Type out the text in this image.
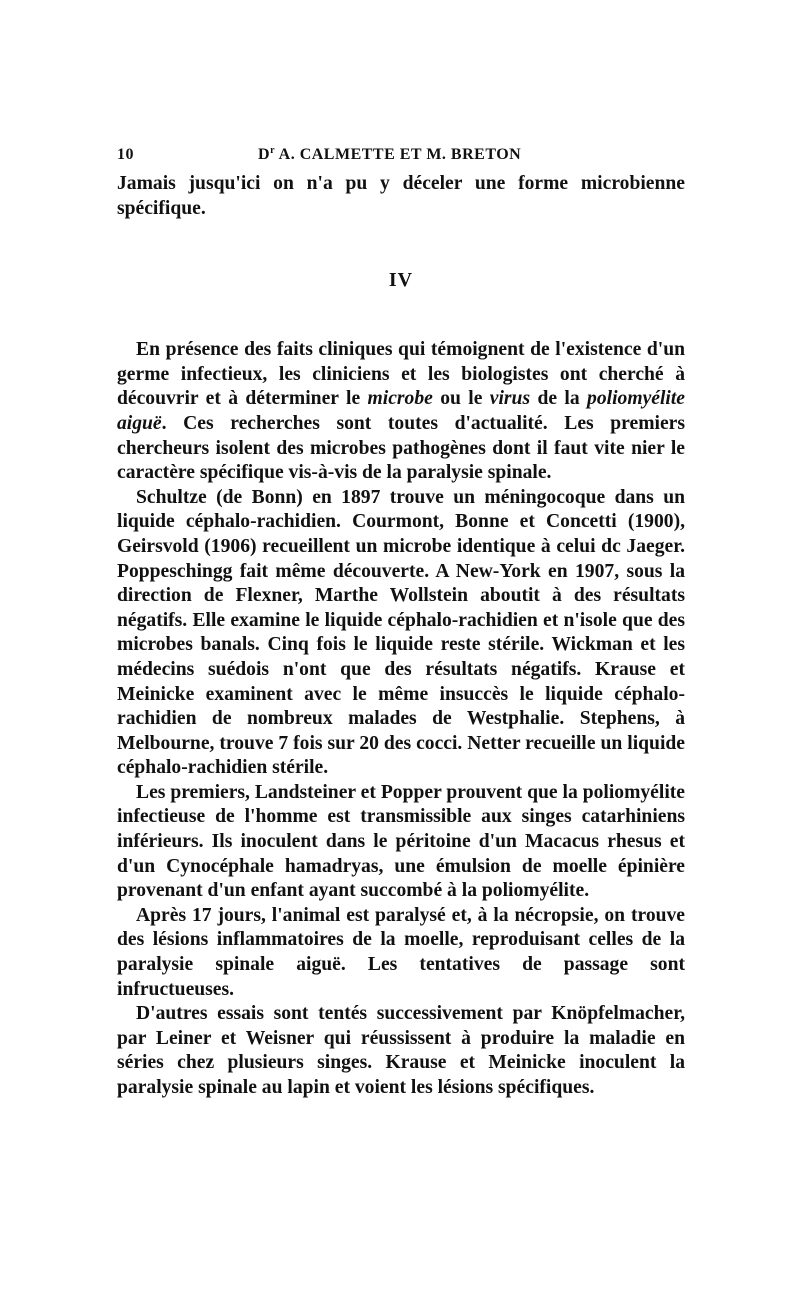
10	$D^r$ A. CALMETTE ET M. BRETON

Jamais jusqu'ici on n'a pu y déceler une forme microbienne spécifique.

IV

En présence des faits cliniques qui témoignent de l'existence d'un germe infectieux, les cliniciens et les biologistes ont cherché à découvrir et à déterminer le microbe ou le virus de la poliomyélite aiguë. Ces recherches sont toutes d'actualité. Les premiers chercheurs isolent des microbes pathogènes dont il faut vite nier le caractère spécifique vis-à-vis de la paralysie spinale.

Schultze (de Bonn) en 1897 trouve un méningocoque dans un liquide céphalo-rachidien. Courmont, Bonne et Concetti (1900), Geirsvold (1906) recueillent un microbe identique à celui dc Jaeger. Poppeschingg fait même découverte. A New-York en 1907, sous la direction de Flexner, Marthe Wollstein aboutit à des résultats négatifs. Elle examine le liquide céphalo-rachidien et n'isole que des microbes banals. Cinq fois le liquide reste stérile. Wickman et les médecins suédois n'ont que des résultats négatifs. Krause et Meinicke examinent avec le même insuccès le liquide céphalo-rachidien de nombreux malades de Westphalie. Stephens, à Melbourne, trouve 7 fois sur 20 des cocci. Netter recueille un liquide céphalo-rachidien stérile.

Les premiers, Landsteiner et Popper prouvent que la poliomyélite infectieuse de l'homme est transmissible aux singes catarhiniens inférieurs. Ils inoculent dans le péritoine d'un Macacus rhesus et d'un Cynocéphale hamadryas, une émulsion de moelle épinière provenant d'un enfant ayant succombé à la poliomyélite.

Après 17 jours, l'animal est paralysé et, à la nécropsie, on trouve des lésions inflammatoires de la moelle, reproduisant celles de la paralysie spinale aiguë. Les tentatives de passage sont infructueuses.

D'autres essais sont tentés successivement par Knöpfelmacher, par Leiner et Weisner qui réussissent à produire la maladie en séries chez plusieurs singes. Krause et Meinicke inoculent la paralysie spinale au lapin et voient les lésions spécifiques.
